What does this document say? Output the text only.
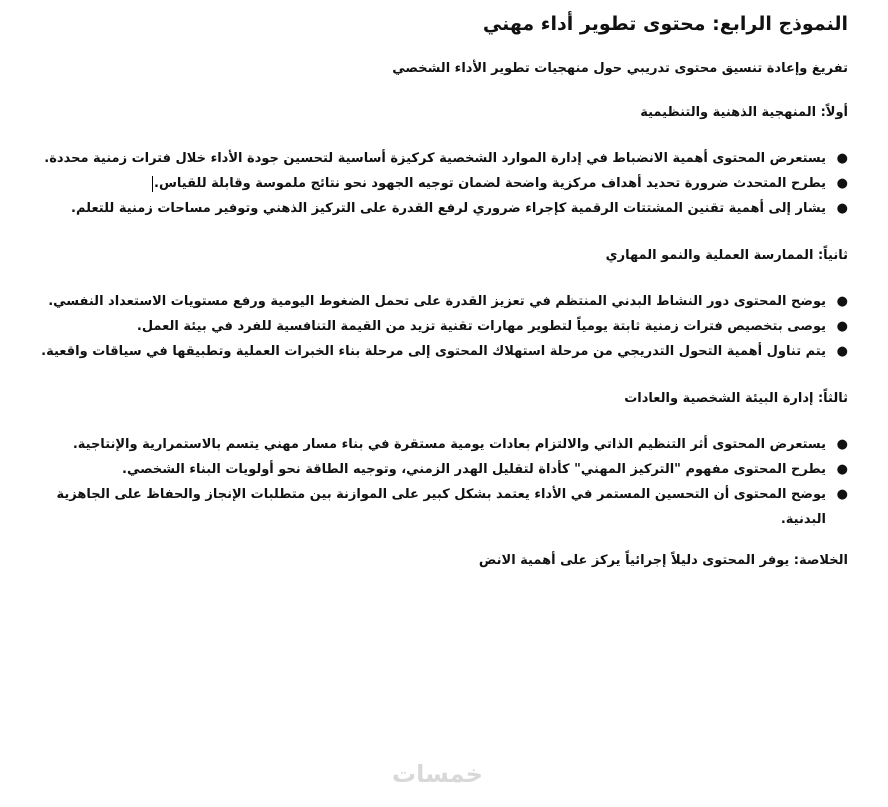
النموذج الرابع: محتوى تطوير أداء مهني
تفريغ وإعادة تنسيق محتوى تدريبي حول منهجيات تطوير الأداء الشخصي
أولاً: المنهجية الذهنية والتنظيمية
●
يستعرض المحتوى أهمية الانضباط في إدارة الموارد الشخصية كركيزة أساسية لتحسين جودة الأداء خلال فترات زمنية محددة.
●
يطرح المتحدث ضرورة تحديد أهداف مركزية واضحة لضمان توجيه الجهود نحو نتائج ملموسة وقابلة للقياس.
●
يشار إلى أهمية تقنين المشتتات الرقمية كإجراء ضروري لرفع القدرة على التركيز الذهني وتوفير مساحات زمنية للتعلم.
ثانياً: الممارسة العملية والنمو المهاري
●
يوضح المحتوى دور النشاط البدني المنتظم في تعزيز القدرة على تحمل الضغوط اليومية ورفع مستويات الاستعداد النفسي.
●
يوصى بتخصيص فترات زمنية ثابتة يومياً لتطوير مهارات تقنية تزيد من القيمة التنافسية للفرد في بيئة العمل.
●
يتم تناول أهمية التحول التدريجي من مرحلة استهلاك المحتوى إلى مرحلة بناء الخبرات العملية وتطبيقها في سياقات واقعية.
ثالثاً: إدارة البيئة الشخصية والعادات
●
يستعرض المحتوى أثر التنظيم الذاتي والالتزام بعادات يومية مستقرة في بناء مسار مهني يتسم بالاستمرارية والإنتاجية.
●
يطرح المحتوى مفهوم "التركيز المهني" كأداة لتقليل الهدر الزمني، وتوجيه الطاقة نحو أولويات البناء الشخصي.
●
يوضح المحتوى أن التحسين المستمر في الأداء يعتمد بشكل كبير على الموازنة بين متطلبات الإنجاز والحفاظ على الجاهزية البدنية.
الخلاصة: يوفر المحتوى دليلاً إجرائياً يركز على أهمية الانض
خمسات
